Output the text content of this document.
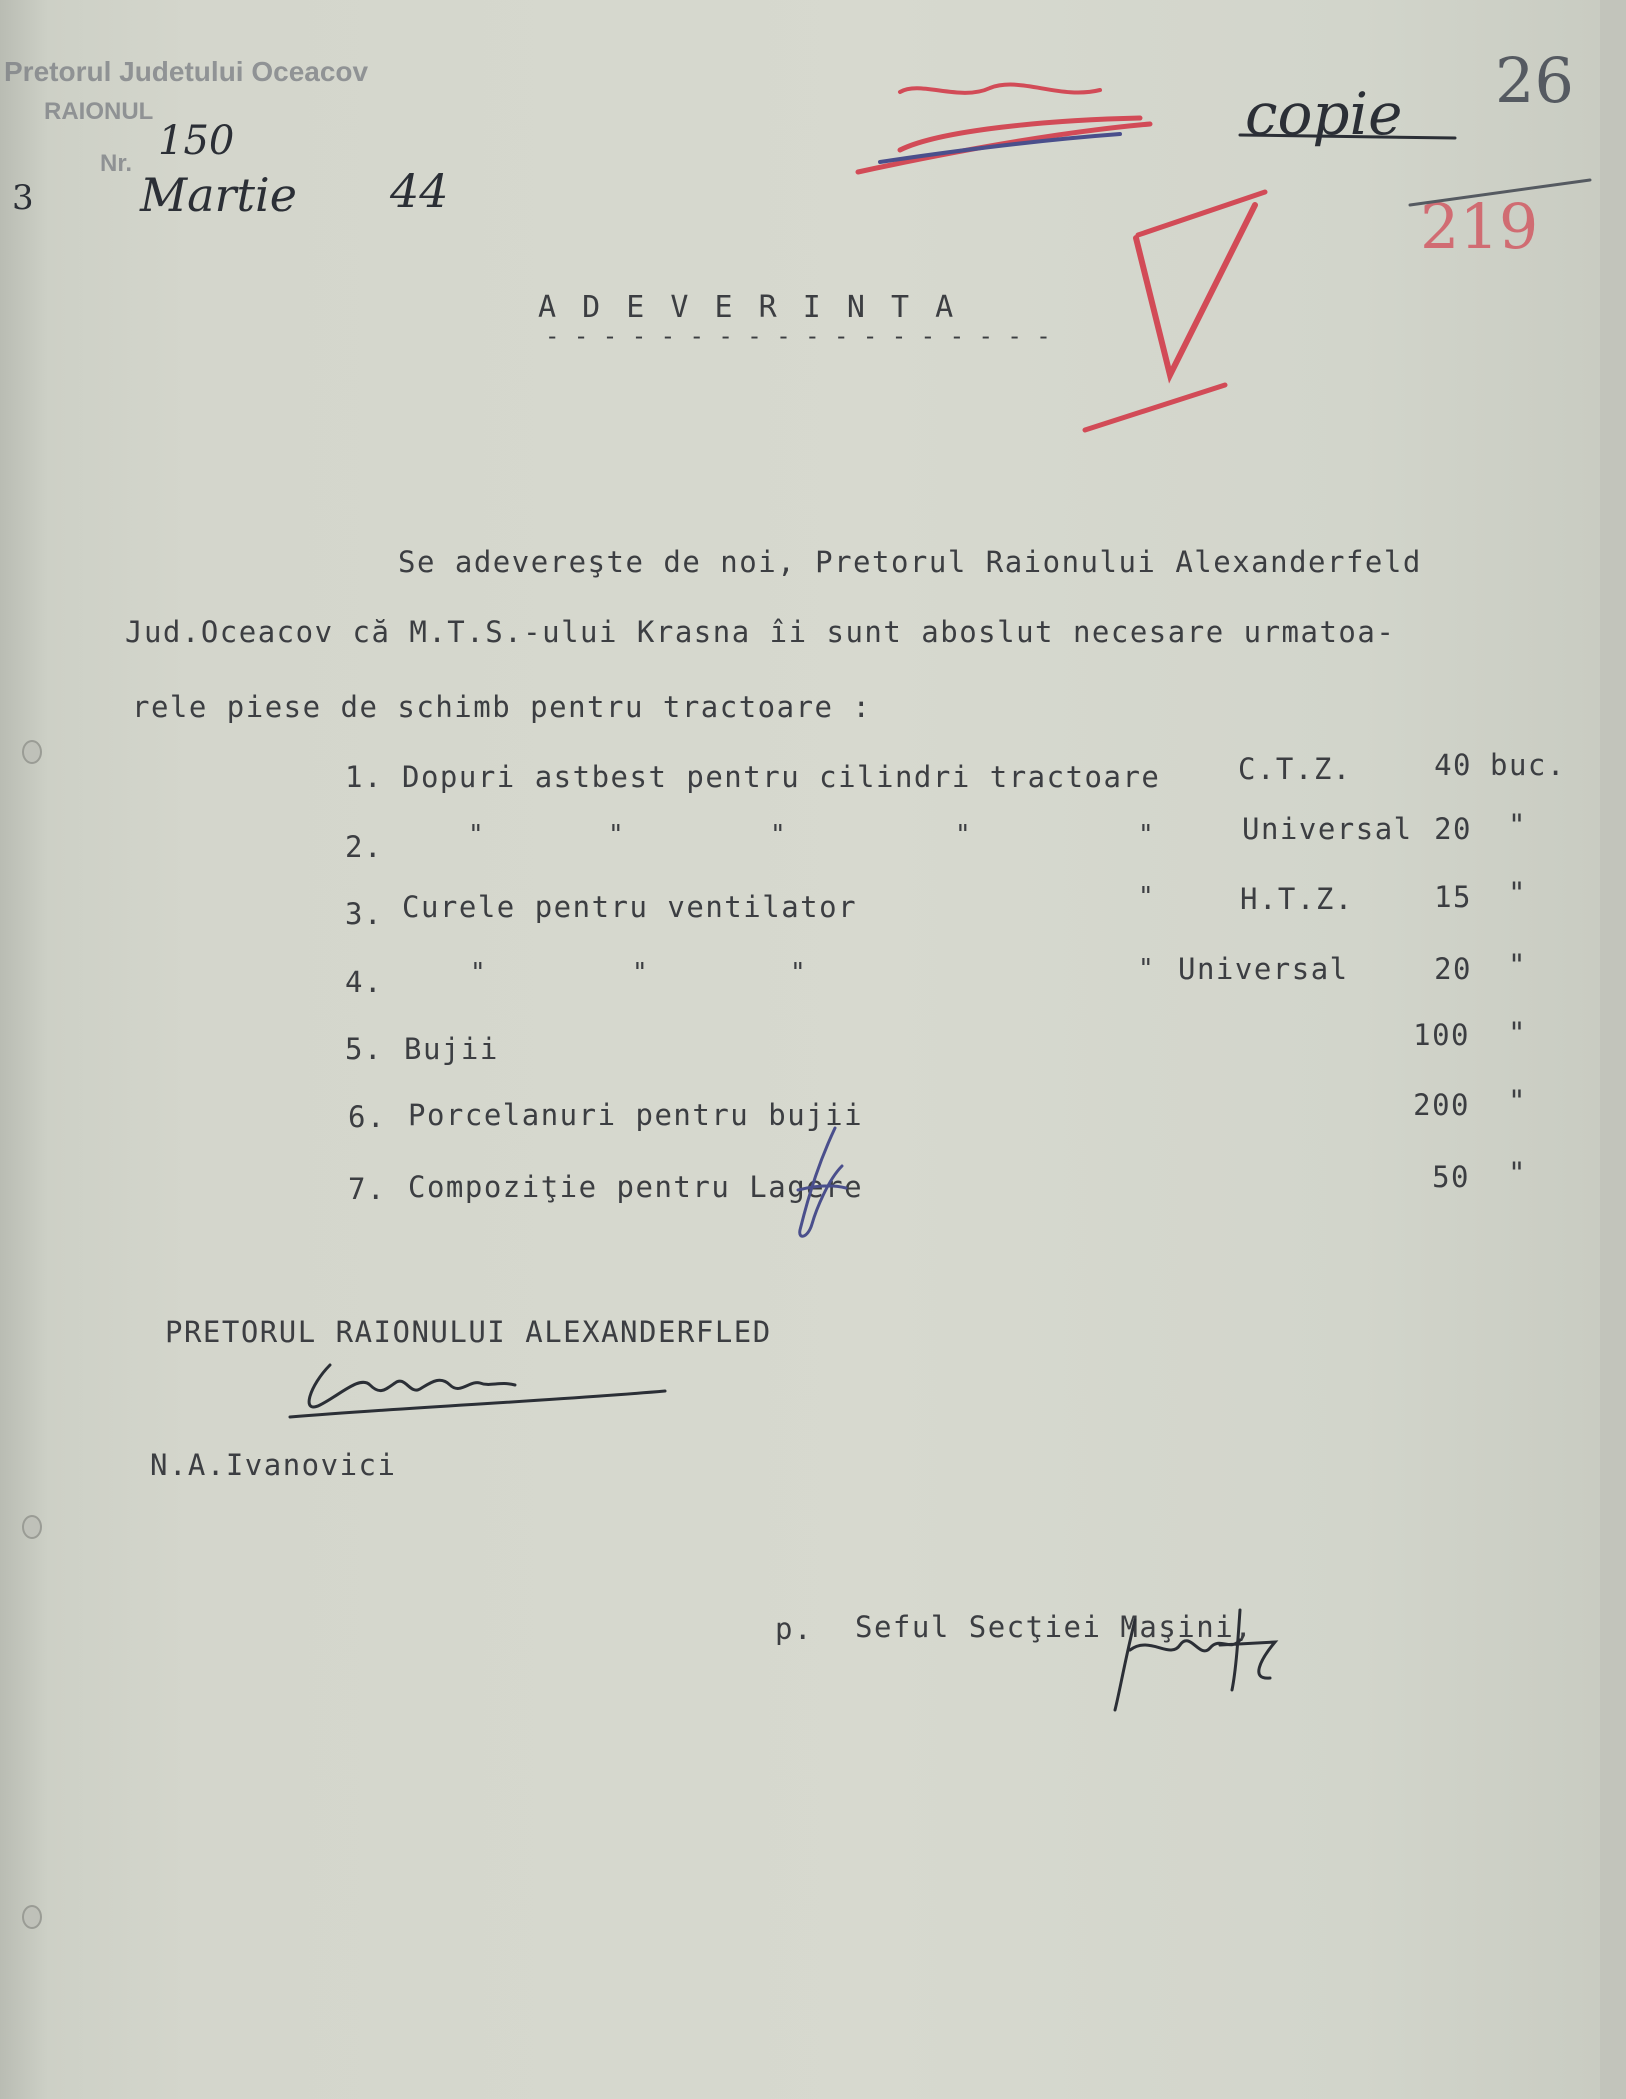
Pretorul Judetului Oceacov
RAIONUL
Nr. 150
3 Martie 44
copie 26
219
A D E V E R I N T A
- - - - - - - - - - - - - - - - - -
Se adevereşte de noi, Pretorul Raionului Alexanderfeld
Jud.Oceacov că M.T.S.-ului Krasna îi sunt aboslut necesare urmatoa-
rele piese de schimb pentru tractoare :
1. Dopuri astbest pentru cilindri tractoare	C.T.Z.	40 buc.
2.	"	"	"	"	"	Universal 20 "
3. Curele pentru ventilator	"	H.T.Z.	15 "
4.	"	"	"	" Universal	20 "
5. Bujii	100 "
6. Porcelanuri pentru bujii	200 "
7. Compoziţie pentru Lagere	50 "
PRETORUL RAIONULUI ALEXANDERFLED
N.A.Ivanovici
p. Seful Secţiei Maşini,
